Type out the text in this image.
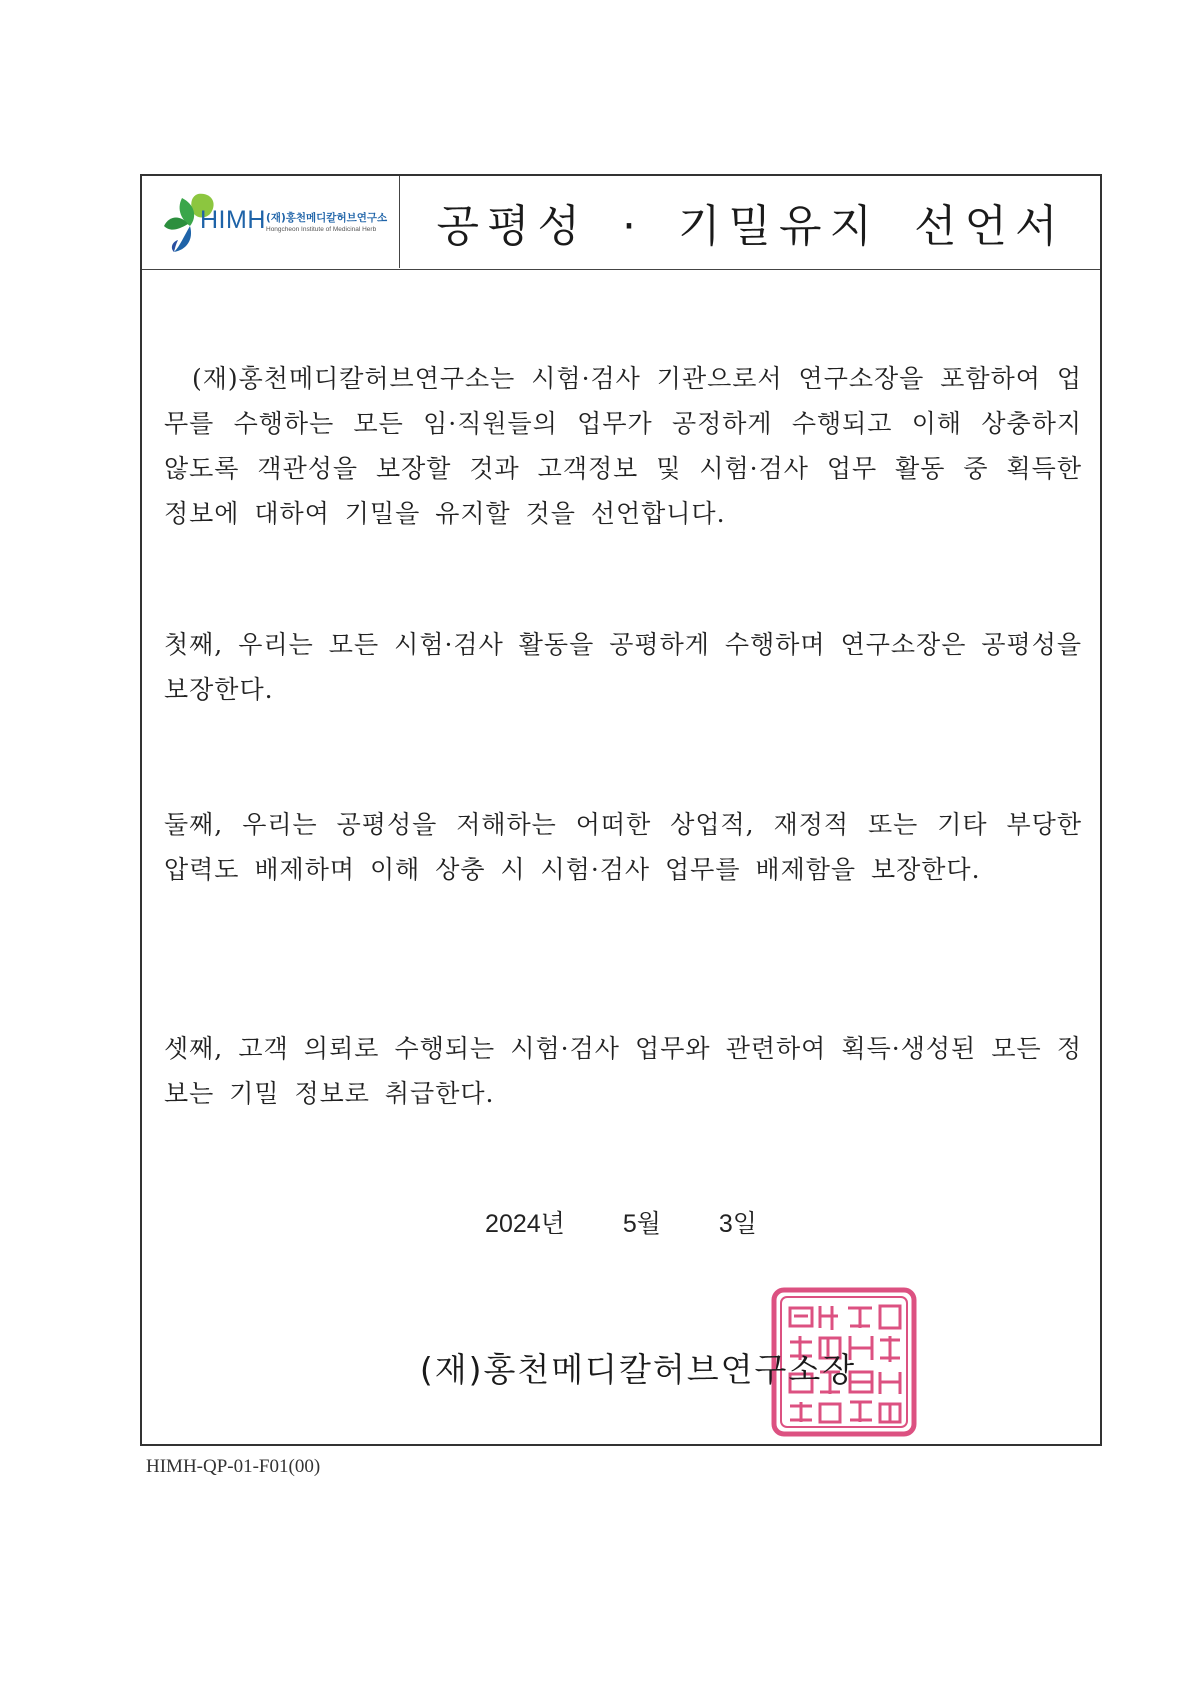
HIMH (재)홍천메디칼허브연구소
Hongcheon Institute of Medicinal Herb	공평성 · 기밀유지 선언서

(재)홍천메디칼허브연구소는 시험·검사 기관으로서 연구소장을 포함하여 업무를 수행하는 모든 임·직원들의 업무가 공정하게 수행되고 이해 상충하지 않도록 객관성을 보장할 것과 고객정보 및 시험·검사 업무 활동 중 획득한 정보에 대하여 기밀을 유지할 것을 선언합니다.

첫째, 우리는 모든 시험·검사 활동을 공평하게 수행하며 연구소장은 공평성을 보장한다.

둘째, 우리는 공평성을 저해하는 어떠한 상업적, 재정적 또는 기타 부당한 압력도 배제하며 이해 상충 시 시험·검사 업무를 배제함을 보장한다.

셋째, 고객 의뢰로 수행되는 시험·검사 업무와 관련하여 획득·생성된 모든 정보는 기밀 정보로 취급한다.

2024년 5월 3일
(재)홍천메디칼허브연구소장
HIMH-QP-01-F01(00)
